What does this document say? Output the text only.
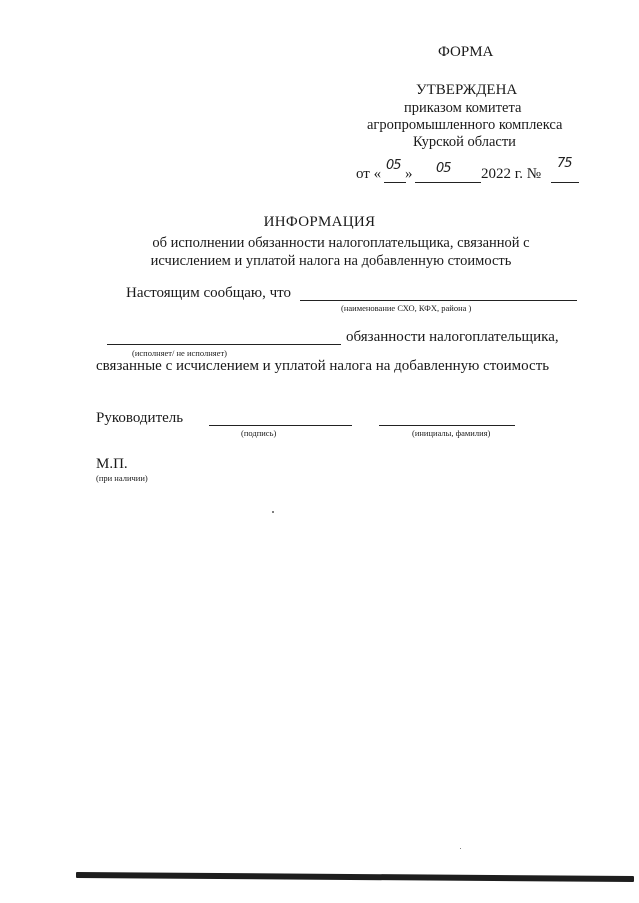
ФОРМА
УТВЕРЖДЕНА
приказом комитета
агропромышленного комплекса
Курской области
от «
05
» 05 2022 г. №
75
ИНФОРМАЦИЯ
об исполнении обязанности налогоплательщика, связанной с
исчислением и уплатой налога на добавленную стоимость
Настоящим сообщаю, что
(наименование СХО, КФХ, района )
обязанности налогоплательщика,
(исполняет/ не исполняет)
связанные с исчислением и уплатой налога на добавленную стоимость
Руководитель
(подпись)	(инициалы, фамилия)
М.П.
(при наличии)
